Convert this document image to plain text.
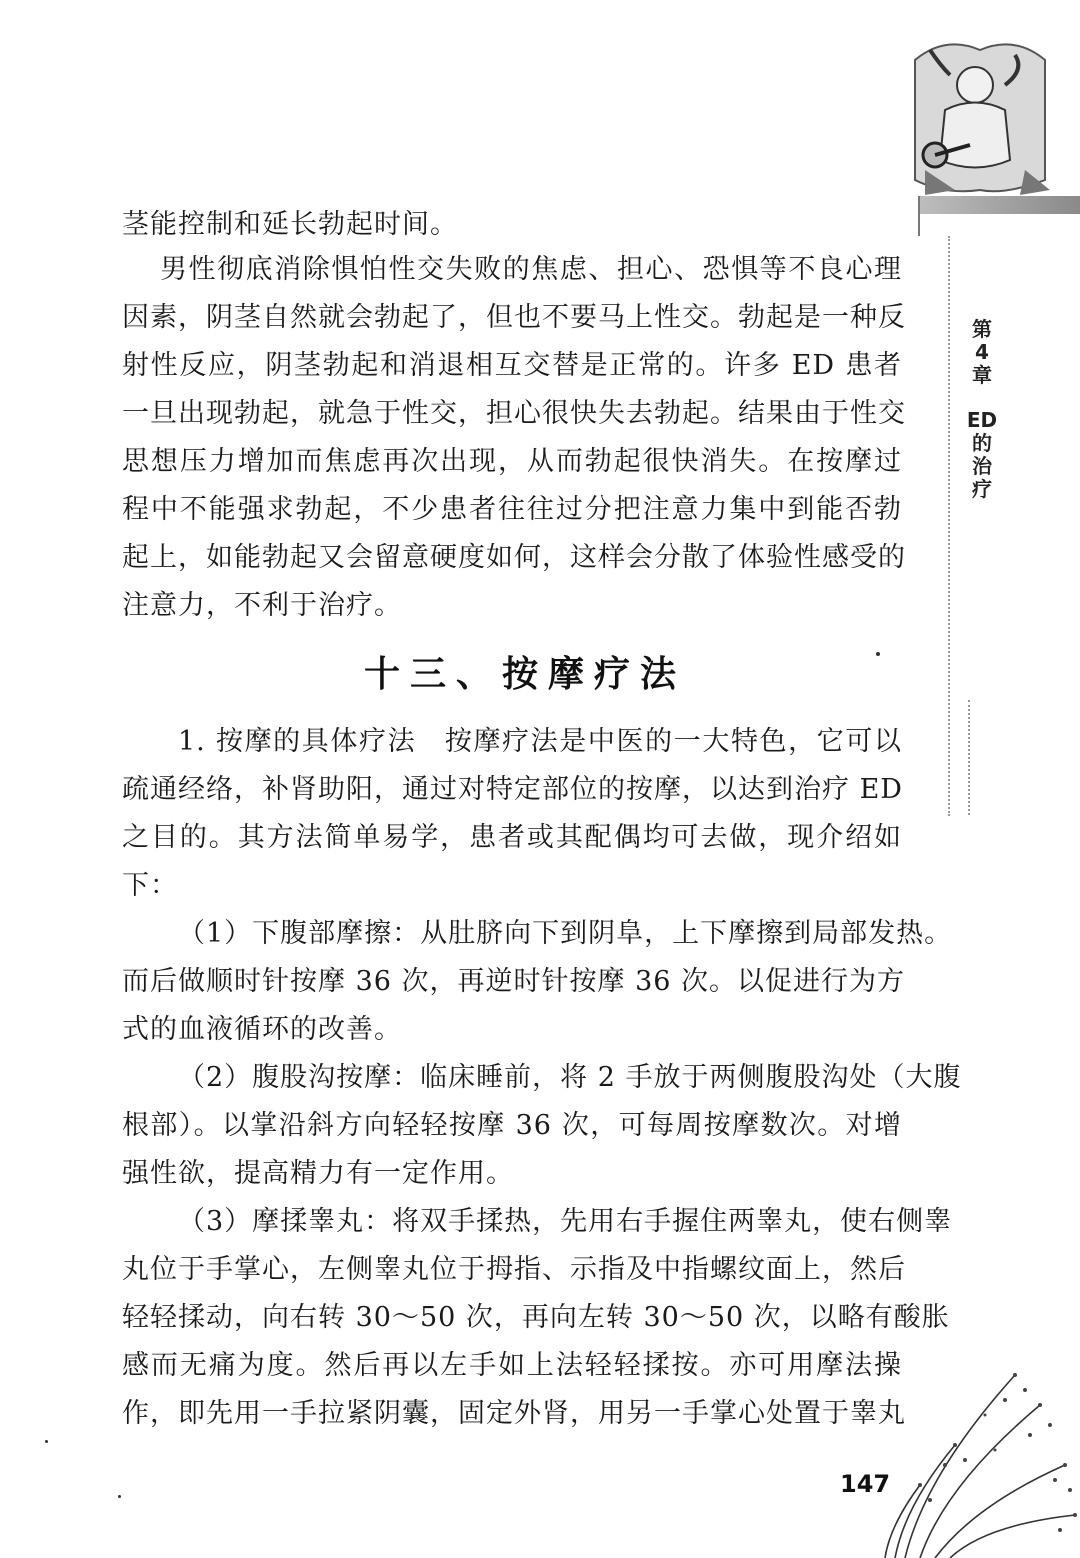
第
4
章
ED
的
治
疗
茎能控制和延长勃起时间。
男性彻底消除惧怕性交失败的焦虑、担心、恐惧等不良心理
因素，阴茎自然就会勃起了，但也不要马上性交。勃起是一种反
射性反应，阴茎勃起和消退相互交替是正常的。许多 ED 患者
一旦出现勃起，就急于性交，担心很快失去勃起。结果由于性交
思想压力增加而焦虑再次出现，从而勃起很快消失。在按摩过
程中不能强求勃起，不少患者往往过分把注意力集中到能否勃
起上，如能勃起又会留意硬度如何，这样会分散了体验性感受的
注意力，不利于治疗。
十三、按摩疗法
1. 按摩的具体疗法　按摩疗法是中医的一大特色，它可以
疏通经络，补肾助阳，通过对特定部位的按摩，以达到治疗 ED
之目的。其方法简单易学，患者或其配偶均可去做，现介绍如
下：
（1）下腹部摩擦：从肚脐向下到阴阜，上下摩擦到局部发热。
而后做顺时针按摩 36 次，再逆时针按摩 36 次。以促进行为方
式的血液循环的改善。
（2）腹股沟按摩：临床睡前，将 2 手放于两侧腹股沟处（大腹
根部）。以掌沿斜方向轻轻按摩 36 次，可每周按摩数次。对增
强性欲，提高精力有一定作用。
（3）摩揉睾丸：将双手揉热，先用右手握住两睾丸，使右侧睾
丸位于手掌心，左侧睾丸位于拇指、示指及中指螺纹面上，然后
轻轻揉动，向右转 30～50 次，再向左转 30～50 次，以略有酸胀
感而无痛为度。然后再以左手如上法轻轻揉按。亦可用摩法操
作，即先用一手拉紧阴囊，固定外肾，用另一手掌心处置于睾丸
147
